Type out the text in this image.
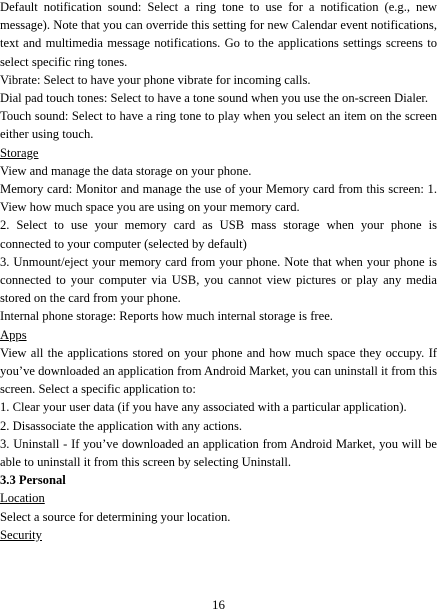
Default notification sound: Select a ring tone to use for a notification (e.g., new message). Note that you can override this setting for new Calendar event notifications, text and multimedia message notifications. Go to the applications settings screens to select specific ring tones.

Vibrate: Select to have your phone vibrate for incoming calls.

Dial pad touch tones: Select to have a tone sound when you use the on-screen Dialer.

Touch sound: Select to have a ring tone to play when you select an item on the screen either using touch.

Storage

View and manage the data storage on your phone.

Memory card: Monitor and manage the use of your Memory card from this screen: 1. View how much space you are using on your memory card.

2. Select to use your memory card as USB mass storage when your phone is connected to your computer (selected by default)

3. Unmount/eject your memory card from your phone. Note that when your phone is connected to your computer via USB, you cannot view pictures or play any media stored on the card from your phone.

Internal phone storage: Reports how much internal storage is free.

Apps

View all the applications stored on your phone and how much space they occupy. If you’ve downloaded an application from Android Market, you can uninstall it from this screen. Select a specific application to:

1. Clear your user data (if you have any associated with a particular application).

2. Disassociate the application with any actions.

3. Uninstall - If you’ve downloaded an application from Android Market, you will be able to uninstall it from this screen by selecting Uninstall.

3.3 Personal

Location

Select a source for determining your location.

Security

16
